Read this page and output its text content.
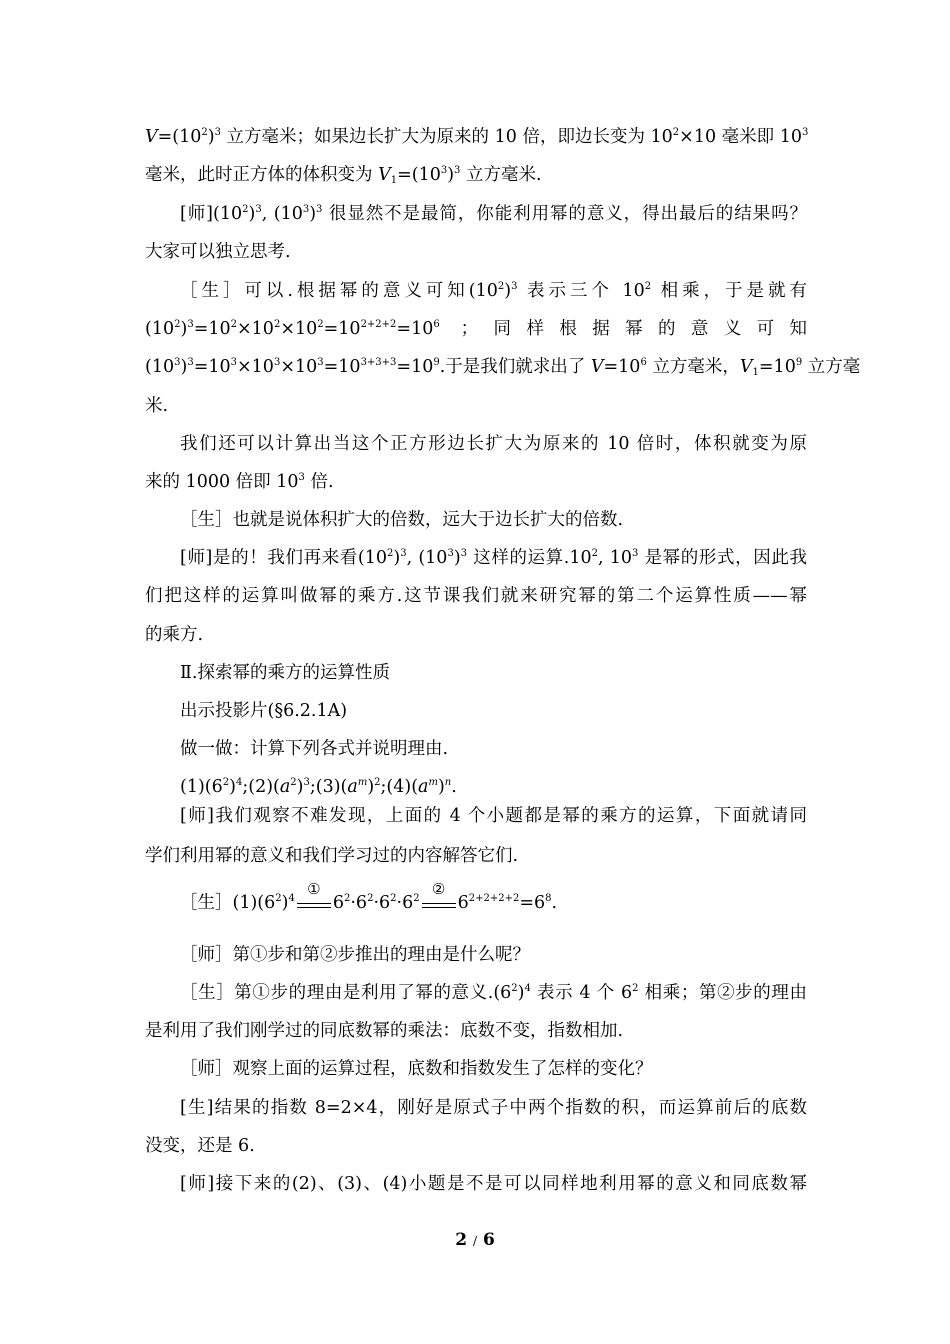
$V=(10^2)^3$ 立方毫米；如果边长扩大为原来的 10 倍，即边长变为 $10^2\times 10$ 毫米即 $10^3$
毫米，此时正方体的体积变为 $V_1=(10^3)^3$ 立方毫米.
[师]$(10^2)^3$, $(10^3)^3$ 很显然不是最简，你能利用幂的意义，得出最后的结果吗？
大家可以独立思考.
［生］可以.根据幂的意义可知$(10^2)^3$ 表示三个 $10^2$ 相乘，于是就有
$(10^2)^3=10^2\times 10^2\times 10^2=10^{2+2+2}=10^6$ ；同样根据幂的意义可知
$(10^3)^3=10^3\times 10^3\times 10^3=10^{3+3+3}=10^9$.于是我们就求出了 $V=10^6$ 立方毫米，$V_1=10^9$ 立方毫
米.
我们还可以计算出当这个正方形边长扩大为原来的 10 倍时，体积就变为原
来的 1000 倍即 $10^3$ 倍.
［生］也就是说体积扩大的倍数，远大于边长扩大的倍数.
[师]是的！我们再来看$(10^2)^3$, $(10^3)^3$ 这样的运算$.10^2$, $10^3$ 是幂的形式，因此我
们把这样的运算叫做幂的乘方.这节课我们就来研究幂的第二个运算性质——幂
的乘方.
Ⅱ.探索幂的乘方的运算性质
出示投影片(§6.2.1A)
做一做：计算下列各式并说明理由.
$(1)(6^2)^4;(2)(a^2)^3;(3)(a^m)^2;(4)(a^m)^n$.
[师]我们观察不难发现，上面的 4 个小题都是幂的乘方的运算，下面就请同
学们利用幂的意义和我们学习过的内容解答它们.
［生$](1)(6^2)^4$
①
$6^2\cdot 6^2\cdot 6^2\cdot 6^2$
②
$6^{2+2+2+2}=6^8$.
［师］第①步和第②步推出的理由是什么呢？
［生］第①步的理由是利用了幂的意义$.(6^2)^4$ 表示 4 个 $6^2$ 相乘；第②步的理由
是利用了我们刚学过的同底数幂的乘法：底数不变，指数相加.
［师］观察上面的运算过程，底数和指数发生了怎样的变化？
[生]结果的指数 8=2×4，刚好是原式子中两个指数的积，而运算前后的底数
没变，还是 6.
[师]接下来的(2)、(3)、(4)小题是不是可以同样地利用幂的意义和同底数幂
2 / 6
